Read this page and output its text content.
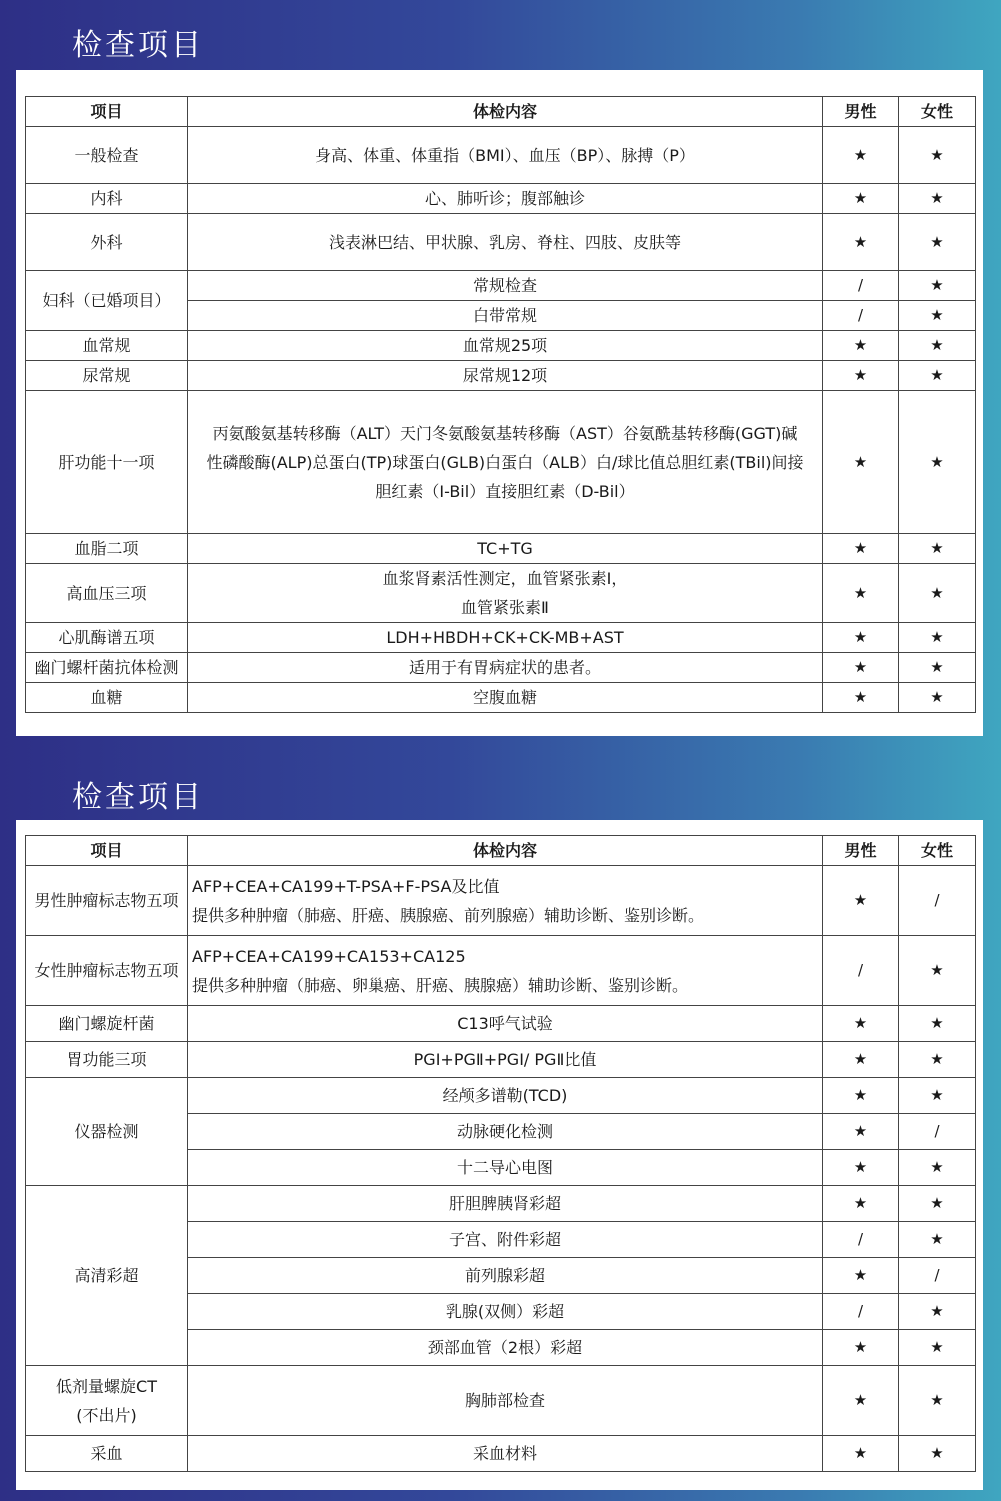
检查项目
项目	体检内容	男性	女性
一般检查	身高、体重、体重指（BMI）、血压（BP）、脉搏（P）	★	★
内科	心、肺听诊；腹部触诊	★	★
外科	浅表淋巴结、甲状腺、乳房、脊柱、四肢、皮肤等	★	★
妇科（已婚项目）	常规检查	/	★
	白带常规	/	★
血常规	血常规25项	★	★
尿常规	尿常规12项	★	★
肝功能十一项	丙氨酸氨基转移酶（ALT）天门冬氨酸氨基转移酶（AST）谷氨酰基转移酶(GGT)碱
性磷酸酶(ALP)总蛋白(TP)球蛋白(GLB)白蛋白（ALB）白/球比值总胆红素(TBil)间接
胆红素（I-Bil）直接胆红素（D-Bil）	★	★
血脂二项	TC+TG	★	★
高血压三项	血浆肾素活性测定，血管紧张素Ⅰ，
血管紧张素Ⅱ	★	★
心肌酶谱五项	LDH+HBDH+CK+CK-MB+AST	★	★
幽门螺杆菌抗体检测	适用于有胃病症状的患者。	★	★
血糖	空腹血糖	★	★
检查项目
项目	体检内容	男性	女性
男性肿瘤标志物五项	AFP+CEA+CA199+T-PSA+F-PSA及比值
提供多种肿瘤（肺癌、肝癌、胰腺癌、前列腺癌）辅助诊断、鉴别诊断。	★	/
女性肿瘤标志物五项	AFP+CEA+CA199+CA153+CA125
提供多种肿瘤（肺癌、卵巢癌、肝癌、胰腺癌）辅助诊断、鉴别诊断。	/	★
幽门螺旋杆菌	C13呼气试验	★	★
胃功能三项	PGⅠ+PGⅡ+PGⅠ/ PGⅡ比值	★	★
仪器检测	经颅多谱勒(TCD)	★	★
	动脉硬化检测	★	/
	十二导心电图	★	★
高清彩超	肝胆脾胰肾彩超	★	★
	子宫、附件彩超	/	★
	前列腺彩超	★	/
	乳腺(双侧）彩超	/	★
	颈部血管（2根）彩超	★	★

低剂量螺旋CT
(不出片)	胸肺部检查	★	★
采血	采血材料	★	★
